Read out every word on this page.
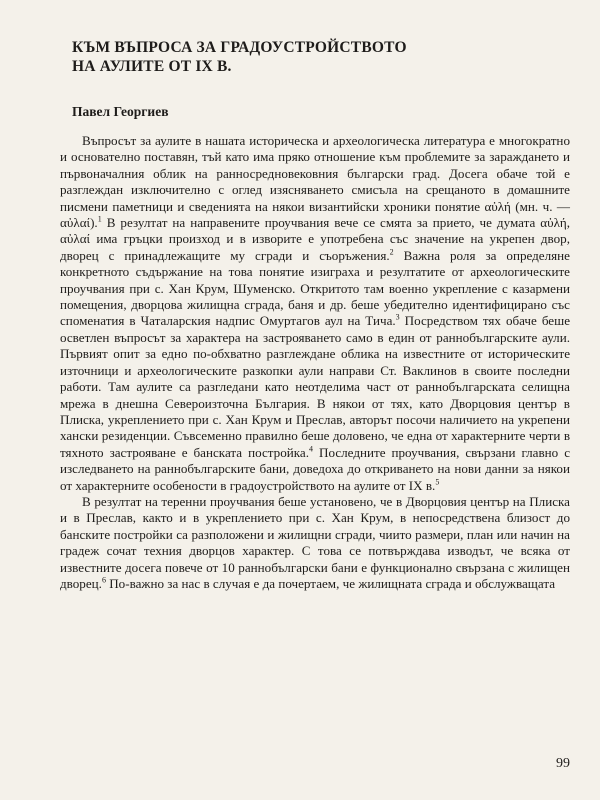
КЪМ ВЪПРОСА ЗА ГРАДОУСТРОЙСТВОТО
НА АУЛИТЕ ОТ IX В.
Павел Георгиев

Въпросът за аулите в нашата историческа и археологическа литература е многократно и основателно поставян, тъй като има пряко отношение към проблемите за зараждането и първоначалния облик на ранносредновековния български град. Досега обаче той е разглеждан изключително с оглед изясняването смисъла на срещаното в домашните писмени паметници и сведенията на някои византийски хроники понятие αὐλή (мн. ч. — αὐλαί).$^1$ В резултат на направените проучвания вече се смята за прието, че думата αὐλή, αὐλαί има гръцки произход и в изворите е употребена със значение на укрепен двор, дворец с принадлежащите му сгради и съоръжения.$^2$ Важна роля за определяне конкретното съдържание на това понятие изиграха и резултатите от археологическите проучвания при с. Хан Крум, Шуменско. Откритото там военно укрепление с казармени помещения, дворцова жилищна сграда, баня и др. беше убедително идентифицирано със споменатия в Чаталарския надпис Омуртагов аул на Тича.$^3$ Посредством тях обаче беше осветлен въпросът за характера на застрояването само в един от раннобългарските аули. Първият опит за едно по-обхватно разглеждане облика на известните от историческите източници и археологическите разкопки аули направи Ст. Ваклинов в своите последни работи. Там аулите са разгледани като неотделима част от раннобългарската селищна мрежа в днешна Североизточна България. В някои от тях, като Дворцовия център в Плиска, укреплението при с. Хан Крум и Преслав, авторът посочи наличието на укрепени хански резиденции. Съвсеменно правилно беше доловено, че една от характерните черти в тяхното застрояване е банската постройка.$^4$ Последните проучвания, свързани главно с изследването на раннобългарските бани, доведоха до откриването на нови данни за някои от характерните особености в градоустройството на аулите от IX в.$^5$

В резултат на теренни проучвания беше установено, че в Дворцовия център на Плиска и в Преслав, както и в укреплението при с. Хан Крум, в непосредствена близост до банските постройки са разположени и жилищни сгради, чиито размери, план или начин на градеж сочат техния дворцов характер. С това се потвърждава изводът, че всяка от известните досега повече от 10 раннобългарски бани е функционално свързана с жилищен дворец.$^6$ По-важно за нас в случая е да почертаем, че жилищната сграда и обслужващата

99
